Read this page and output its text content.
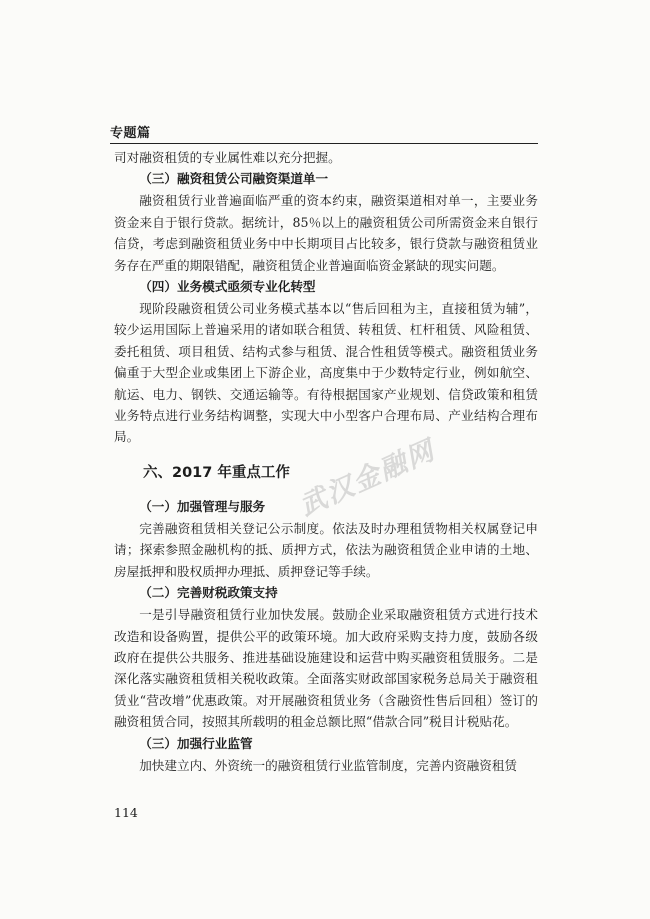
专题篇

司对融资租赁的专业属性难以充分把握。

（三）融资租赁公司融资渠道单一

融资租赁行业普遍面临严重的资本约束，融资渠道相对单一，主要业务资金来自于银行贷款。据统计，85％以上的融资租赁公司所需资金来自银行信贷，考虑到融资租赁业务中中长期项目占比较多，银行贷款与融资租赁业务存在严重的期限错配，融资租赁企业普遍面临资金紧缺的现实问题。

（四）业务模式亟须专业化转型

现阶段融资租赁公司业务模式基本以“售后回租为主，直接租赁为辅”，较少运用国际上普遍采用的诸如联合租赁、转租赁、杠杆租赁、风险租赁、委托租赁、项目租赁、结构式参与租赁、混合性租赁等模式。融资租赁业务偏重于大型企业或集团上下游企业，高度集中于少数特定行业，例如航空、航运、电力、钢铁、交通运输等。有待根据国家产业规划、信贷政策和租赁业务特点进行业务结构调整，实现大中小型客户合理布局、产业结构合理布局。

六、2017 年重点工作
（一）加强管理与服务

完善融资租赁相关登记公示制度。依法及时办理租赁物相关权属登记申请；探索参照金融机构的抵、质押方式，依法为融资租赁企业申请的土地、房屋抵押和股权质押办理抵、质押登记等手续。

（二）完善财税政策支持

一是引导融资租赁行业加快发展。鼓励企业采取融资租赁方式进行技术改造和设备购置，提供公平的政策环境。加大政府采购支持力度，鼓励各级政府在提供公共服务、推进基础设施建设和运营中购买融资租赁服务。二是深化落实融资租赁相关税收政策。全面落实财政部国家税务总局关于融资租赁业“营改增”优惠政策。对开展融资租赁业务（含融资性售后回租）签订的融资租赁合同，按照其所载明的租金总额比照“借款合同”税目计税贴花。

（三）加强行业监管

加快建立内、外资统一的融资租赁行业监管制度，完善内资融资租赁

武汉金融网
114
